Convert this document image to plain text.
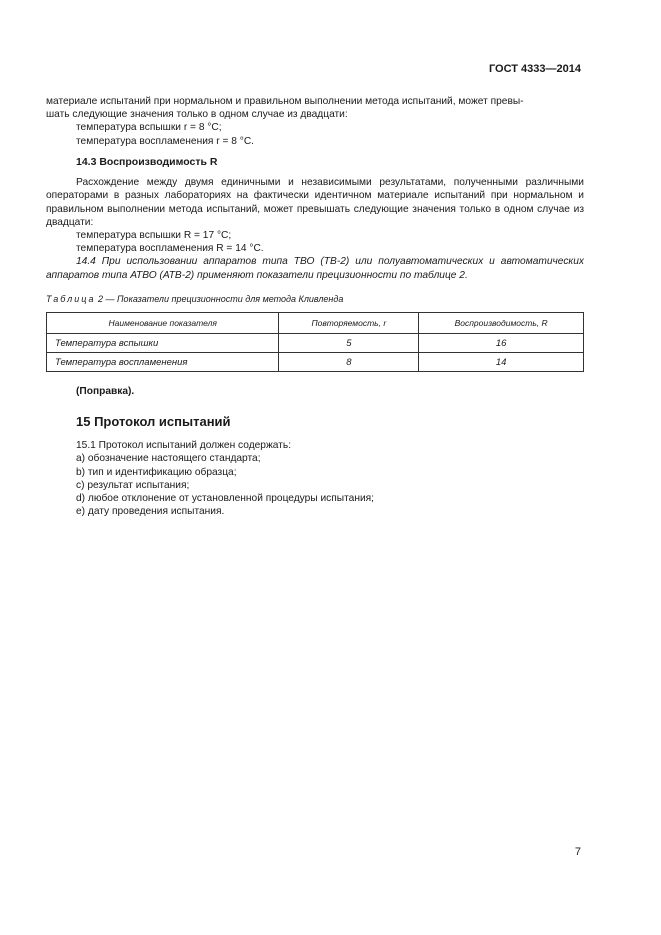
ГОСТ 4333—2014

материале испытаний при нормальном и правильном выполнении метода испытаний, может превы-

шать следующие значения только в одном случае из двадцати:

температура вспышки r = 8 °С;

температура воспламенения r = 8 °С.

14.3 Воспроизводимость R

Расхождение между двумя единичными и независимыми результатами, полученными различными операторами в разных лабораториях на фактически идентичном материале испытаний при нормальном и правильном выполнении метода испытаний, может превышать следующие значения только в одном случае из двадцати:

температура вспышки R = 17 °С;

температура воспламенения R = 14 °С.

14.4 При использовании аппаратов типа ТВО (ТВ-2) или полуавтоматических и автоматических аппаратов типа АТВО (АТВ-2) применяют показатели прецизионности по таблице 2.

Таблица 2 — Показатели прецизионности для метода Кливленда
Наименование показателя	Повторяемость, r	Воспроизводимость, R
Температура вспышки	5	16
Температура воспламенения	8	14
(Поправка).
15 Протокол испытаний
15.1 Протокол испытаний должен содержать:
a) обозначение настоящего стандарта;
b) тип и идентификацию образца;
c) результат испытания;
d) любое отклонение от установленной процедуры испытания;
e) дату проведения испытания.
7
